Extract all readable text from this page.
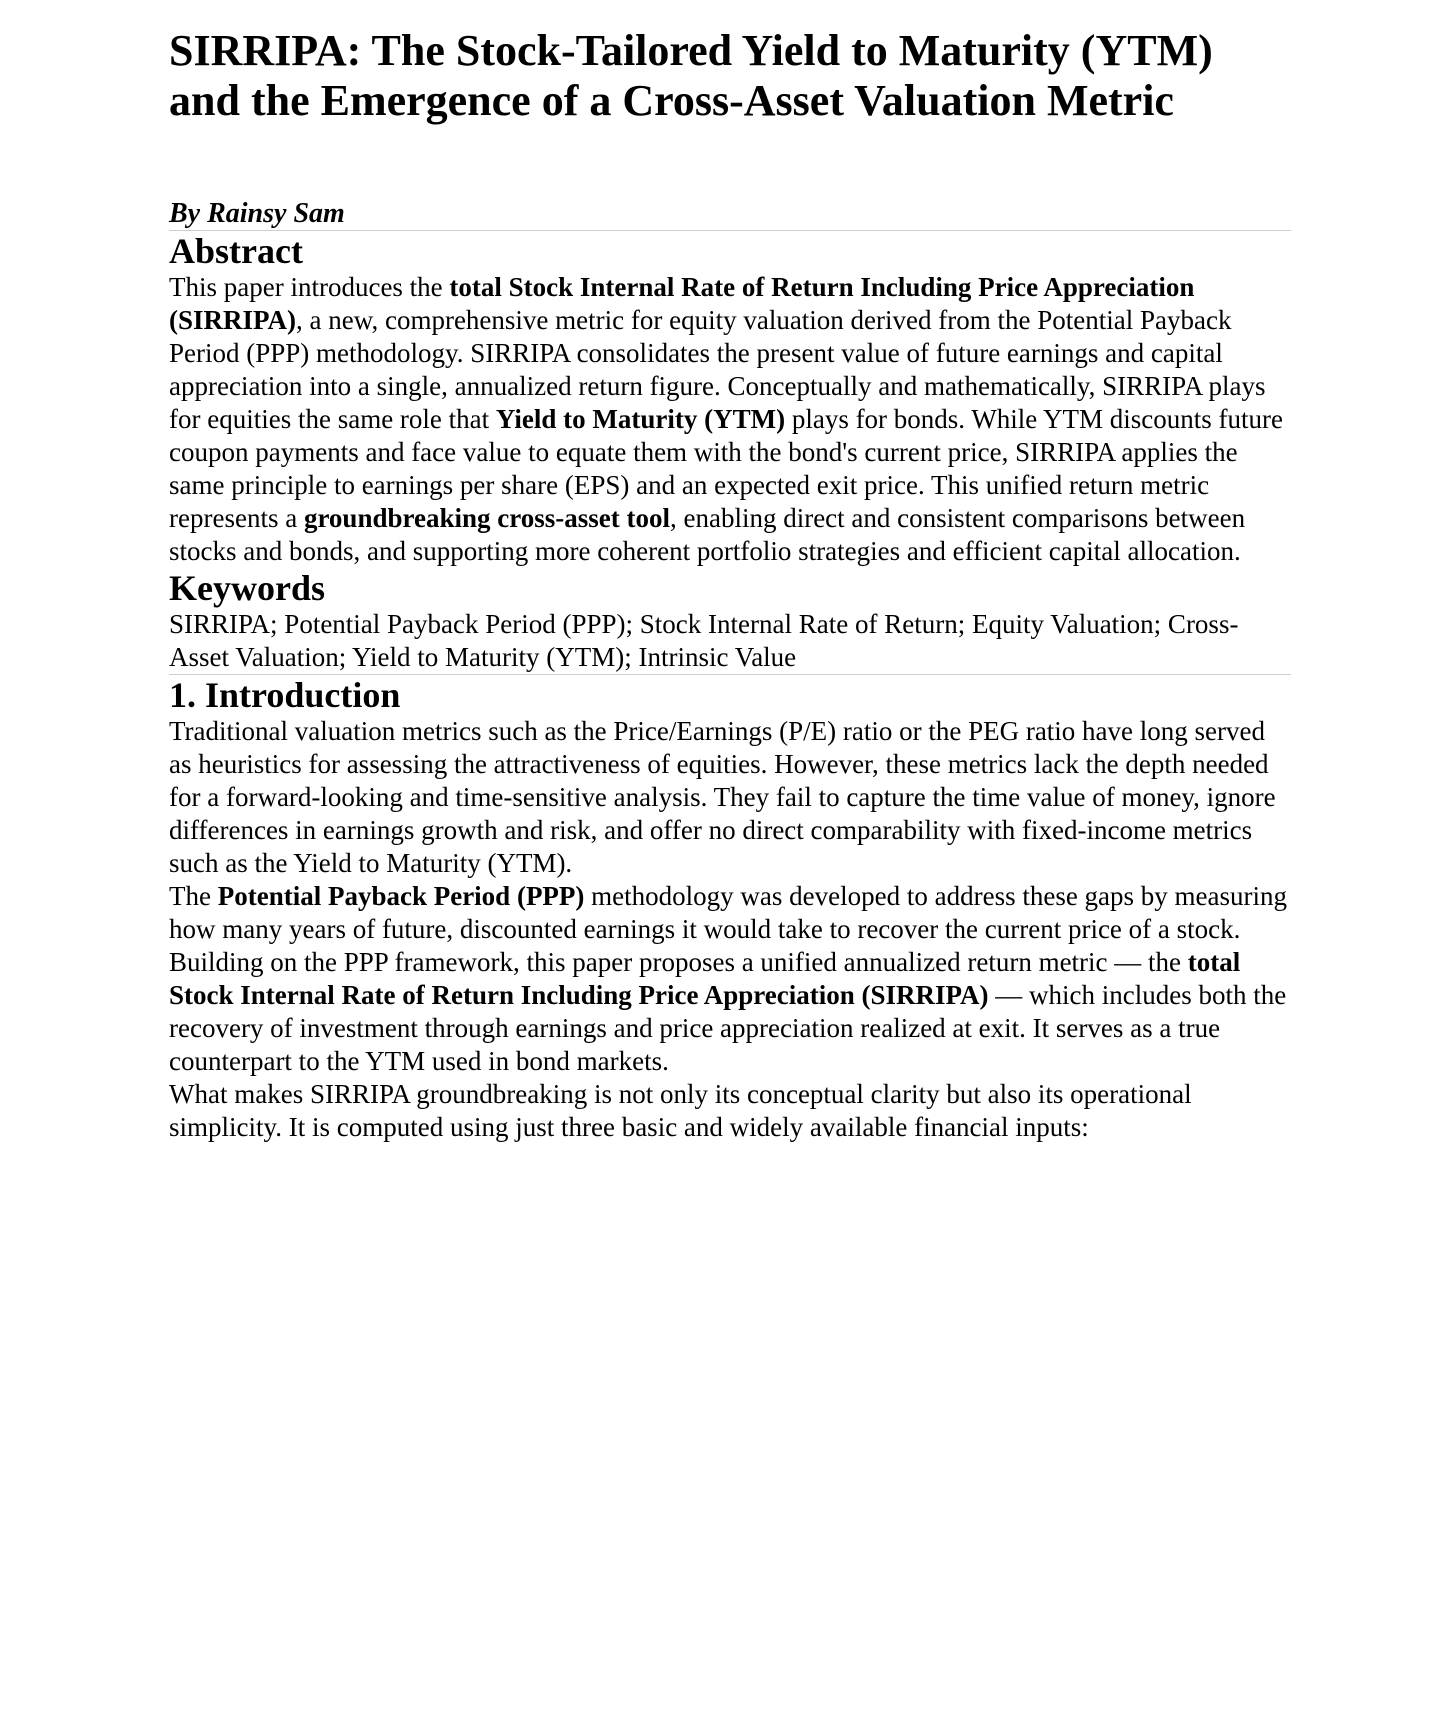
SIRRIPA: The Stock-Tailored Yield to Maturity (YTM)
and the Emergence of a Cross-Asset Valuation Metric
By Rainsy Sam
Abstract

This paper introduces the total Stock Internal Rate of Return Including Price Appreciation (SIRRIPA), a new, comprehensive metric for equity valuation derived from the Potential Payback Period (PPP) methodology. SIRRIPA consolidates the present value of future earnings and capital appreciation into a single, annualized return figure. Conceptually and mathematically, SIRRIPA plays for equities the same role that Yield to Maturity (YTM) plays for bonds. While YTM discounts future coupon payments and face value to equate them with the bond's current price, SIRRIPA applies the same principle to earnings per share (EPS) and an expected exit price. This unified return metric represents a groundbreaking cross-asset tool, enabling direct and consistent comparisons between stocks and bonds, and supporting more coherent portfolio strategies and efficient capital allocation.

Keywords

SIRRIPA; Potential Payback Period (PPP); Stock Internal Rate of Return; Equity Valuation; Cross-Asset Valuation; Yield to Maturity (YTM); Intrinsic Value

1. Introduction

Traditional valuation metrics such as the Price/Earnings (P/E) ratio or the PEG ratio have long served as heuristics for assessing the attractiveness of equities. However, these metrics lack the depth needed for a forward-looking and time-sensitive analysis. They fail to capture the time value of money, ignore differences in earnings growth and risk, and offer no direct comparability with fixed-income metrics such as the Yield to Maturity (YTM).

The Potential Payback Period (PPP) methodology was developed to address these gaps by measuring how many years of future, discounted earnings it would take to recover the current price of a stock. Building on the PPP framework, this paper proposes a unified annualized return metric — the total Stock Internal Rate of Return Including Price Appreciation (SIRRIPA) — which includes both the recovery of investment through earnings and price appreciation realized at exit. It serves as a true counterpart to the YTM used in bond markets.

What makes SIRRIPA groundbreaking is not only its conceptual clarity but also its operational simplicity. It is computed using just three basic and widely available financial inputs:
